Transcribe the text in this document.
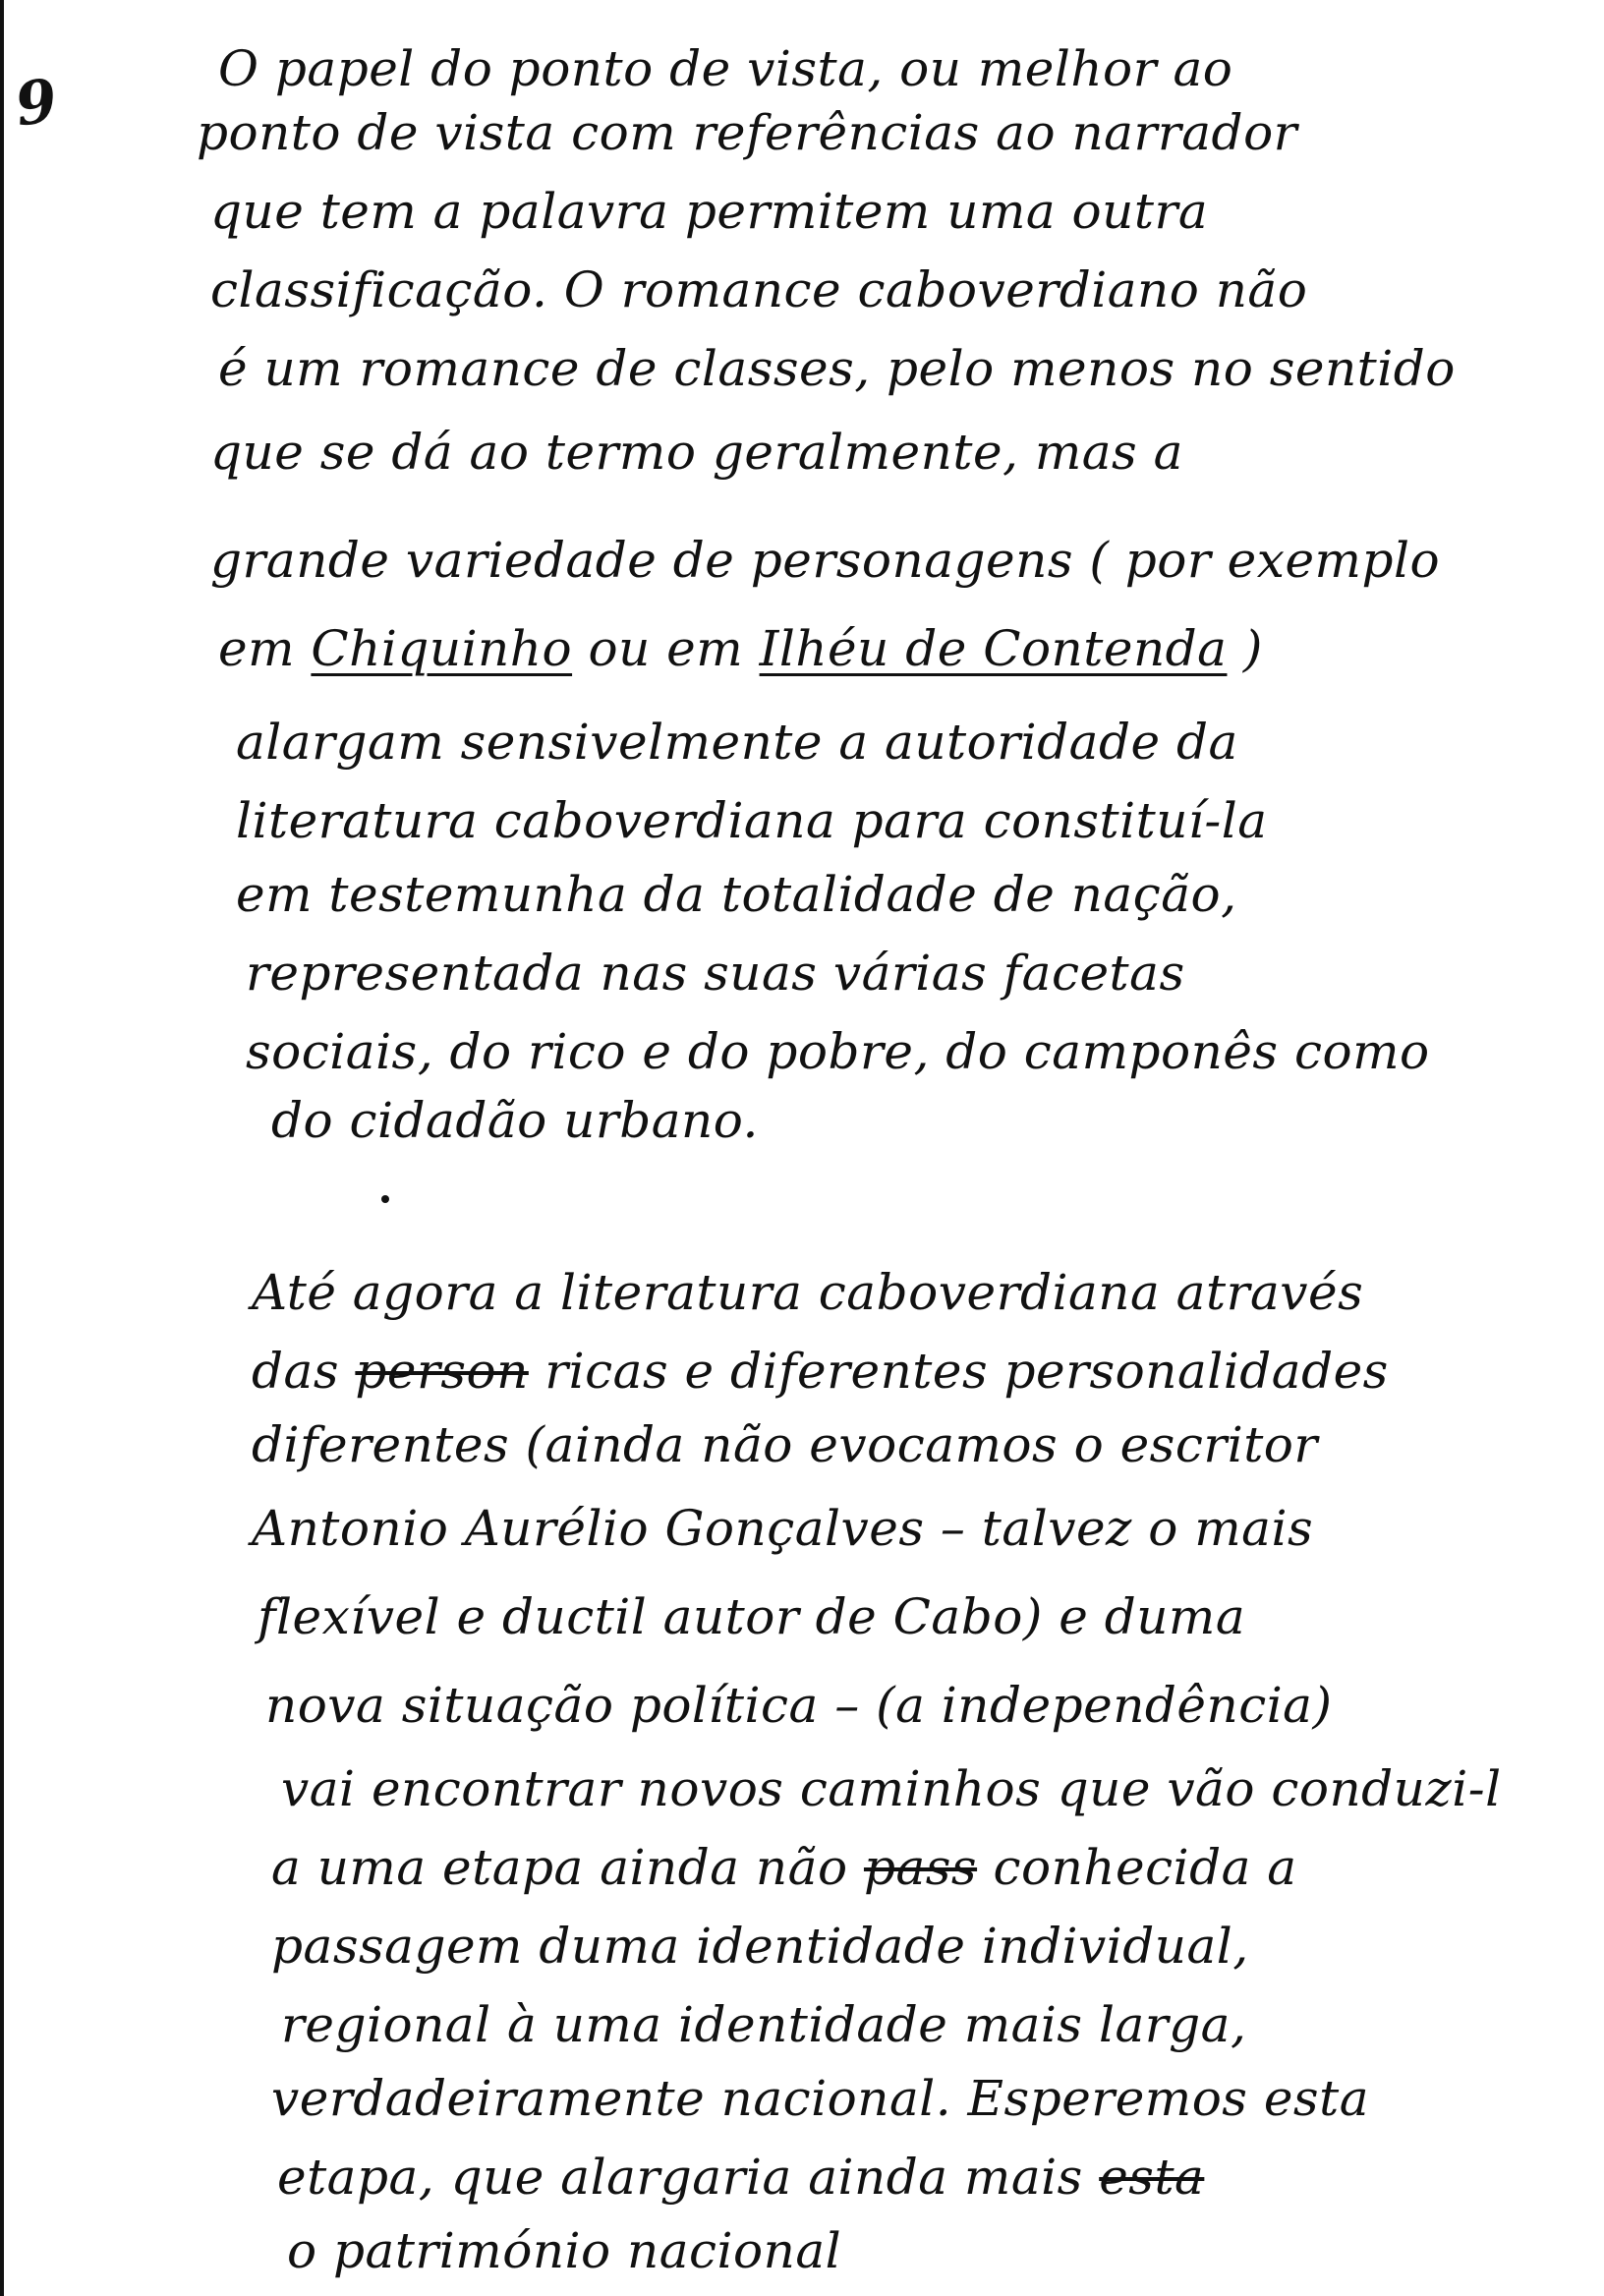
9	O papel do ponto de vista, ou melhor ao
ponto de vista com referências ao narrador
que tem a palavra permitem uma outra
classificação. O romance caboverdiano não
é um romance de classes, pelo menos no sentido
que se dá ao termo geralmente, mas a
grande variedade de personagens ( por exemplo
em Chiquinho ou em Ilhéu de Contenda )
alargam sensivelmente a autoridade da
literatura caboverdiana para constituí-la
em testemunha da totalidade de nação,
representada nas suas várias facetas
sociais, do rico e do pobre, do camponês como
do cidadão urbano.
Até agora a literatura caboverdiana através
das person ricas e diferentes personalidades
diferentes (ainda não evocamos o escritor
Antonio Aurélio Gonçalves – talvez o mais
flexível e ductil autor de Cabo) e duma
nova situação política – (a independência)
vai encontrar novos caminhos que vão conduzi-l
a uma etapa ainda não pass conhecida a
passagem duma identidade individual,
regional à uma identidade mais larga,
verdadeiramente nacional. Esperemos esta
etapa, que alargaria ainda mais esta
o património nacional
